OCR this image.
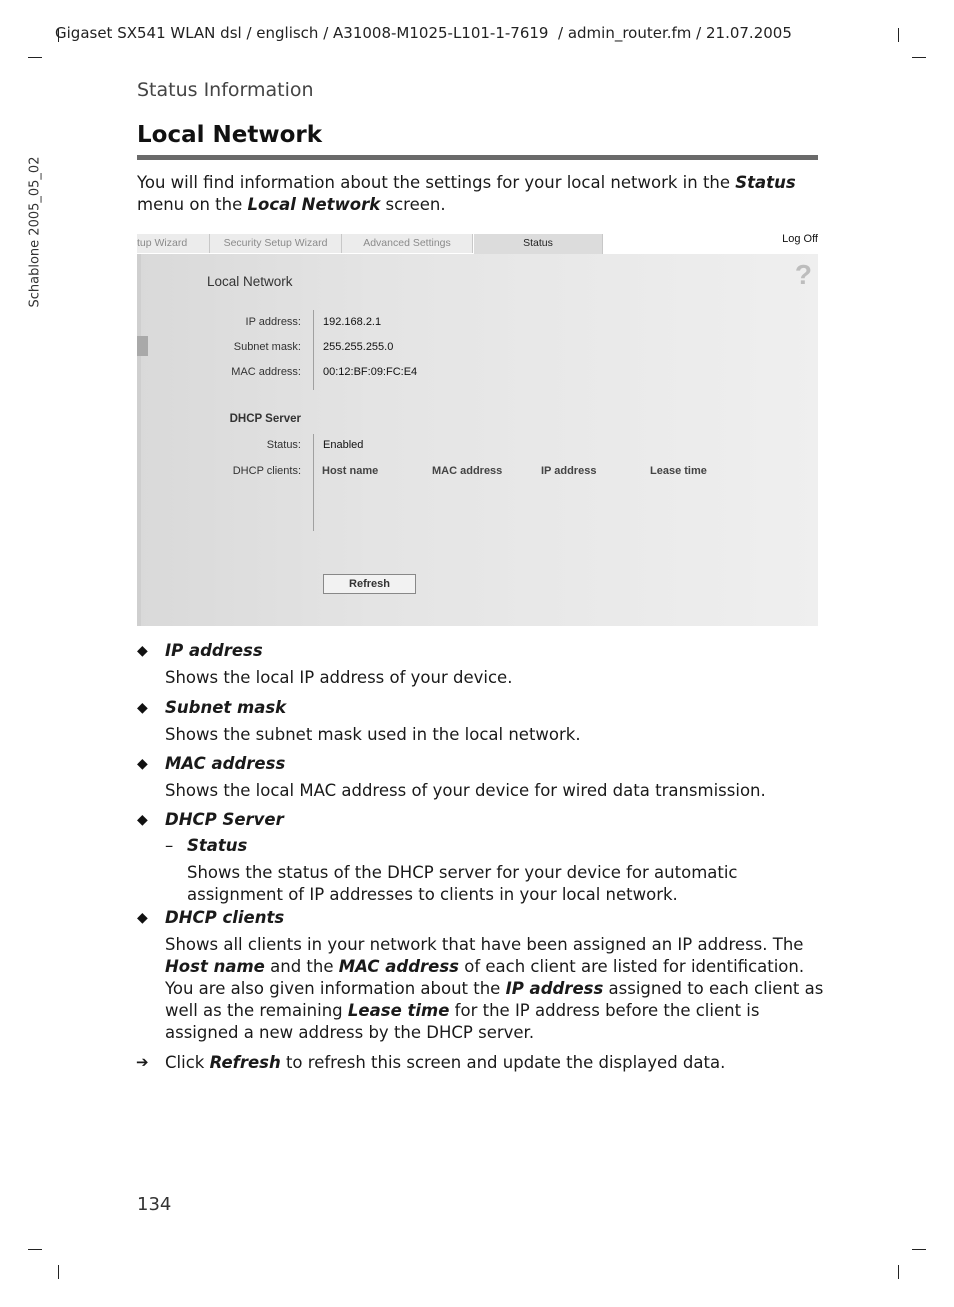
Gigaset SX541 WLAN dsl / englisch / A31008-M1025-L101-1-7619 / admin_router.fm / 21.07.2005
Schablone 2005_05_02
Status Information
Local Network
You will find information about the settings for your local network in the Status menu on the Local Network screen.
tup Wizard	Security Setup Wizard	Advanced Settings	Status	Log Off
?
Local Network
IP address: 192.168.2.1
Subnet mask: 255.255.255.0
MAC address: 00:12:BF:09:FC:E4
DHCP Server
Status: Enabled
DHCP clients: Host name	MAC address	IP address	Lease time
Refresh
◆ IP address
Shows the local IP address of your device.
◆ Subnet mask
Shows the subnet mask used in the local network.
◆ MAC address
Shows the local MAC address of your device for wired data transmission.
◆ DHCP Server
– Status
Shows the status of the DHCP server for your device for automatic assignment of IP addresses to clients in your local network.
◆ DHCP clients
Shows all clients in your network that have been assigned an IP address. The Host name and the MAC address of each client are listed for identification. You are also given information about the IP address assigned to each client as well as the remaining Lease time for the IP address before the client is assigned a new address by the DHCP server.
➔ Click Refresh to refresh this screen and update the displayed data.
134
